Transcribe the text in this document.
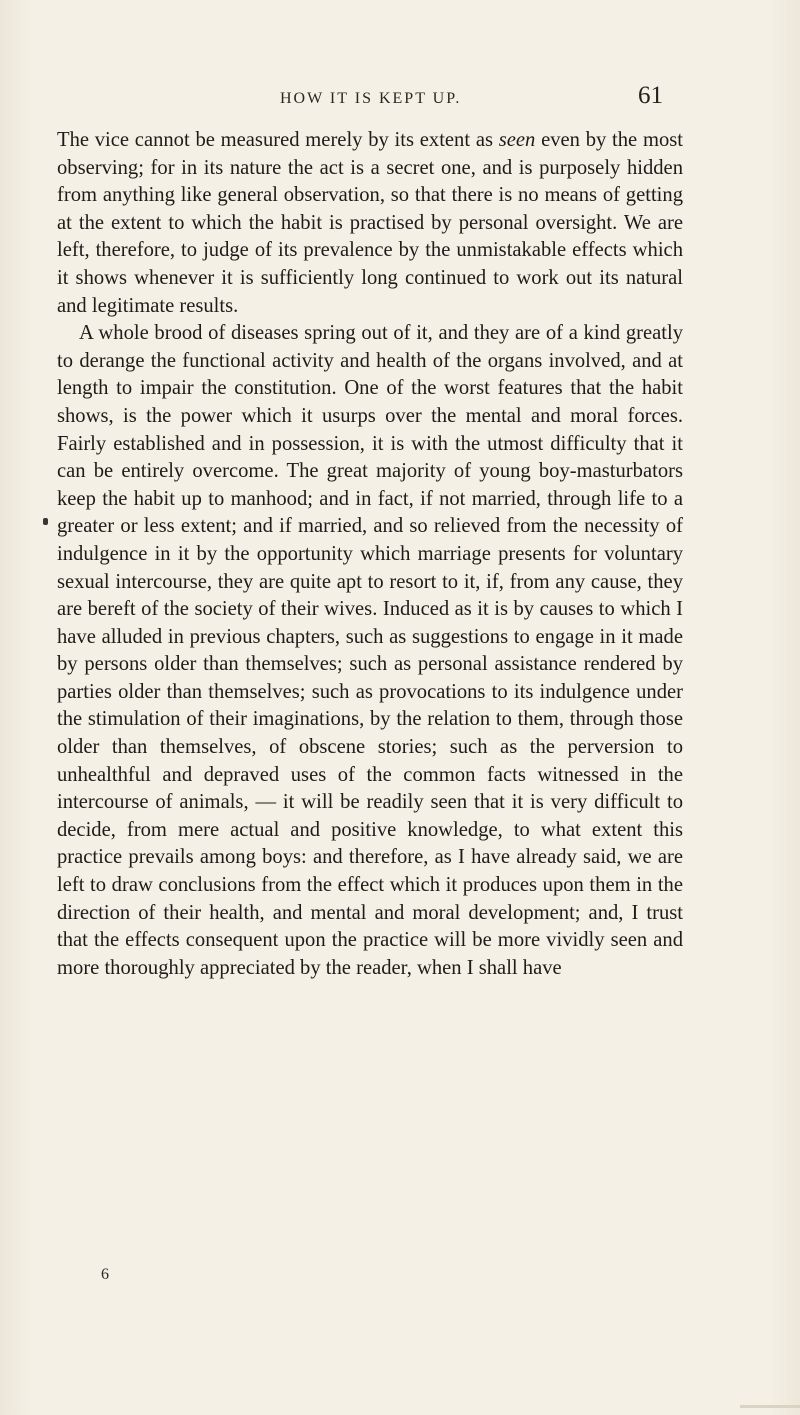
HOW IT IS KEPT UP.	61

The vice cannot be measured merely by its extent as seen even by the most observing; for in its nature the act is a secret one, and is purposely hidden from anything like general observation, so that there is no means of getting at the extent to which the habit is practised by personal oversight. We are left, therefore, to judge of its prevalence by the unmistakable effects which it shows whenever it is sufficiently long continued to work out its natural and legitimate results.

A whole brood of diseases spring out of it, and they are of a kind greatly to derange the functional activity and health of the organs involved, and at length to impair the constitution. One of the worst features that the habit shows, is the power which it usurps over the mental and moral forces. Fairly established and in possession, it is with the utmost difficulty that it can be entirely overcome. The great majority of young boy-masturbators keep the habit up to manhood; and in fact, if not married, through life to a greater or less extent; and if married, and so relieved from the necessity of indulgence in it by the opportunity which marriage presents for voluntary sexual intercourse, they are quite apt to resort to it, if, from any cause, they are bereft of the society of their wives. Induced as it is by causes to which I have alluded in previous chapters, such as suggestions to engage in it made by persons older than themselves; such as personal assistance rendered by parties older than themselves; such as provocations to its indulgence under the stimulation of their imaginations, by the relation to them, through those older than themselves, of obscene stories; such as the perversion to unhealthful and depraved uses of the common facts witnessed in the intercourse of animals, — it will be readily seen that it is very difficult to decide, from mere actual and positive knowledge, to what extent this practice prevails among boys: and therefore, as I have already said, we are left to draw conclusions from the effect which it produces upon them in the direction of their health, and mental and moral development; and, I trust that the effects consequent upon the practice will be more vividly seen and more thoroughly appreciated by the reader, when I shall have

6
